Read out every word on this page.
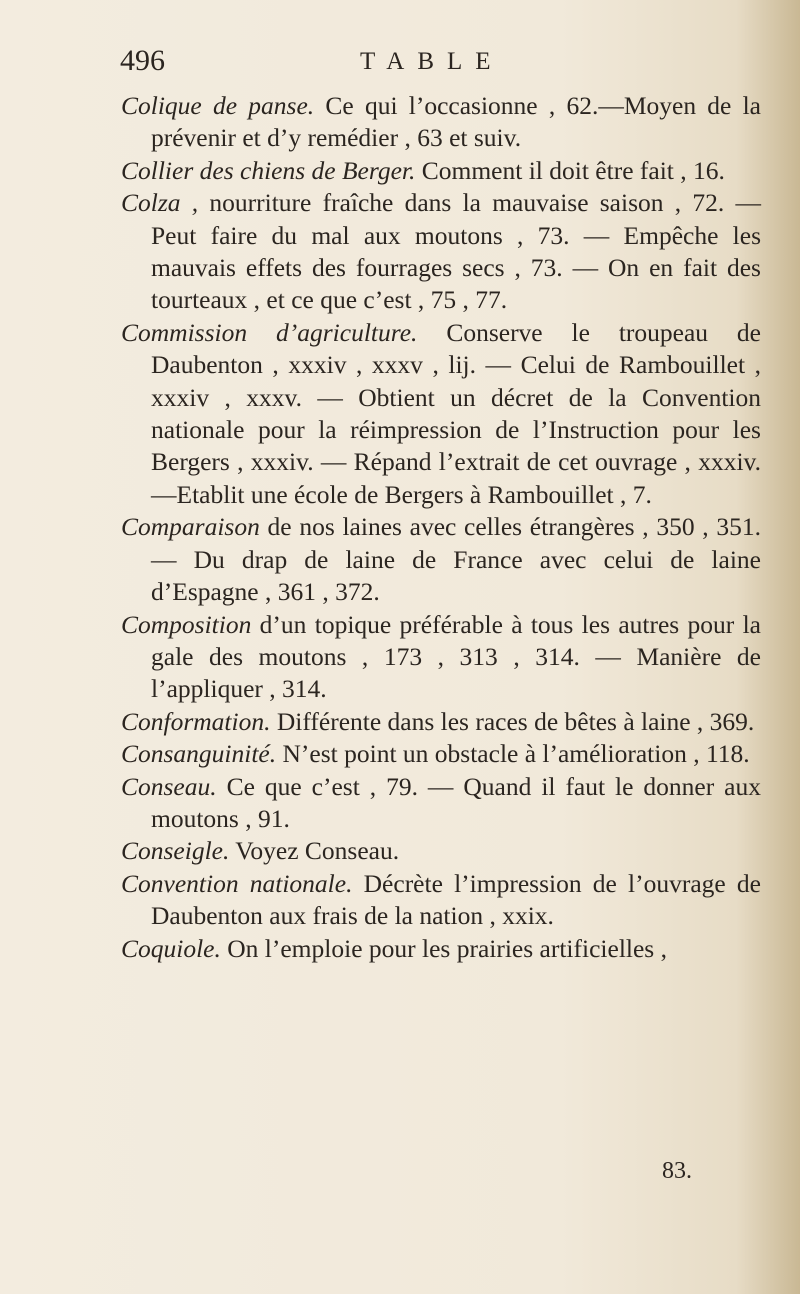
496	TABLE

Colique de panse. Ce qui l’occasionne , 62.—Moyen de la prévenir et d’y remédier , 63 et suiv.

Collier des chiens de Berger. Comment il doit être fait , 16.

Colza , nourriture fraîche dans la mauvaise saison , 72. — Peut faire du mal aux moutons , 73. — Empêche les mauvais effets des fourrages secs , 73. — On en fait des tourteaux , et ce que c’est , 75 , 77.

Commission d’agriculture. Conserve le troupeau de Daubenton , xxxiv , xxxv , lij. — Celui de Rambouillet , xxxiv , xxxv. — Obtient un décret de la Convention nationale pour la réimpression de l’Instruction pour les Bergers , xxxiv. — Répand l’extrait de cet ouvrage , xxxiv.—Etablit une école de Bergers à Rambouillet , 7.

Comparaison de nos laines avec celles étrangères , 350 , 351. — Du drap de laine de France avec celui de laine d’Espagne , 361 , 372.

Composition d’un topique préférable à tous les autres pour la gale des moutons , 173 , 313 , 314. — Manière de l’appliquer , 314.

Conformation. Différente dans les races de bêtes à laine , 369.

Consanguinité. N’est point un obstacle à l’amélioration , 118.

Conseau. Ce que c’est , 79. — Quand il faut le donner aux moutons , 91.

Conseigle. Voyez Conseau.

Convention nationale. Décrète l’impression de l’ouvrage de Daubenton aux frais de la nation , xxix.

Coquiole. On l’emploie pour les prairies artificielles ,

83.
